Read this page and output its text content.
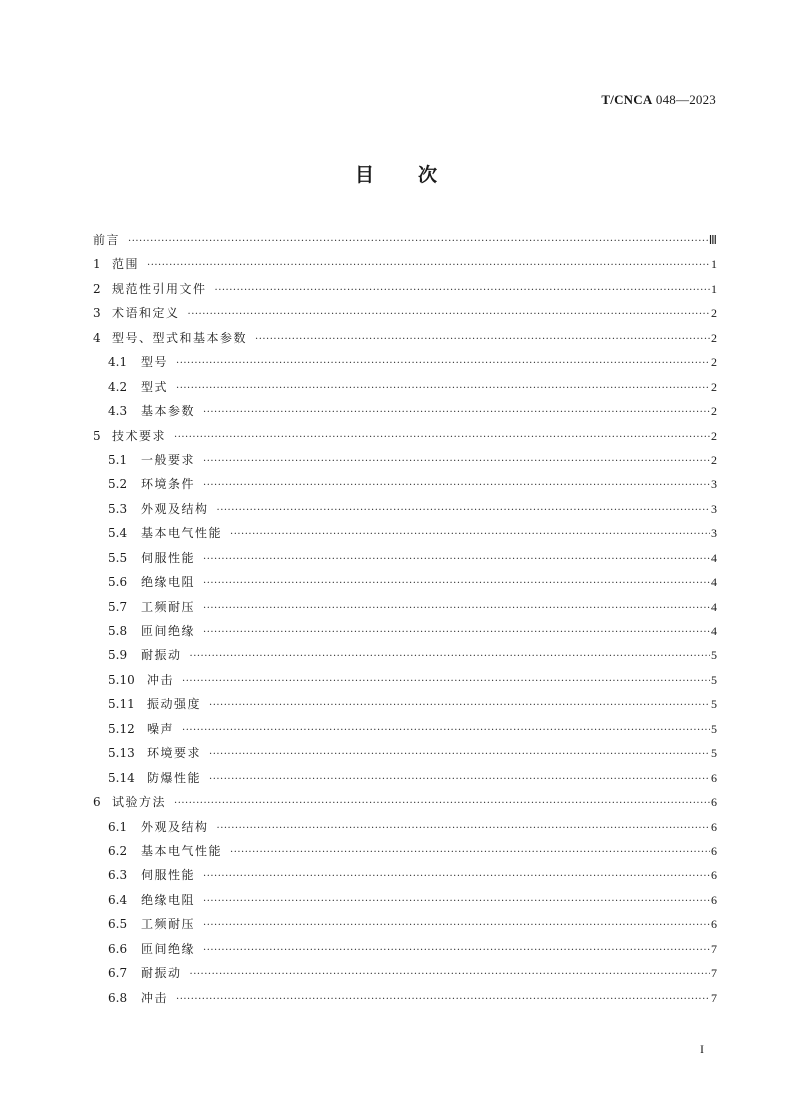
T/CNCA 048—2023
目 次
前言 ·····	Ⅲ
1 范围 ·····	1
2 规范性引用文件 ·····	1
3 术语和定义 ·····	2
4 型号、型式和基本参数 ·····	2
4.1	型号 ·····	2
4.2	型式 ·····	2
4.3	基本参数 ·····	2
5 技术要求 ·····	2
5.1	一般要求 ·····	2
5.2	环境条件 ·····	3
5.3	外观及结构 ·····	3
5.4	基本电气性能 ·····	3
5.5	伺服性能 ·····	4
5.6	绝缘电阻 ·····	4
5.7	工频耐压 ·····	4
5.8	匝间绝缘 ·····	4
5.9	耐振动 ·····	5
5.10	冲击 ·····	5
5.11	振动强度 ·····	5
5.12	噪声 ·····	5
5.13	环境要求 ·····	5
5.14	防爆性能 ·····	6
6 试验方法 ·····	6
6.1	外观及结构 ·····	6
6.2	基本电气性能 ·····	6
6.3	伺服性能 ·····	6
6.4	绝缘电阻 ·····	6
6.5	工频耐压 ·····	6
6.6	匝间绝缘 ·····	7
6.7	耐振动 ·····	7
6.8	冲击 ·····	7
I
